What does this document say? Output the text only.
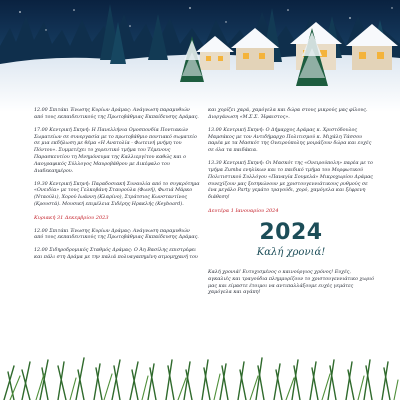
12.00 Σπιτάκι Ένωσης Κυρίων Δράμας: Ανάγνωση παραμυθιών από τους εκπαιδευτικούς της Πρωτοβάθμιας Εκπαίδευσης Δράμας.

17.00 Κεντρική Σκηνή: Η Πανελλήνια Ομοσπονδία Ποντιακών Σωματείων σε συνεργασία με το πρωτοβάθμιο ποντιακό σωματείο σε μια εκδήλωση με θέμα «Η Ανατολία - Φωτεινή μνήμη του Πόντου». Συμμετέχει το χορευτικό τμήμα του Τέμενους Παρασκευτίου τη Μνημόνευμα της Καλλιεργίτου καθώς και ο Λαογραφικός Σύλλογος Μαυροβάθρου με Δικέφαλο του Διαδεκαημέρου.

19.30 Κεντρική Σκηνή: Παραδοσιακή Συναυλία από το συγκρότημα «Ονειδία» με τους Γελκοβάνη Σταυρούλα (Φωνή), Φωτιά Μάρκο (Νταούλι), Χορού Ιωάννη (Κλαρίνο), Στράτσιος Κωνσταντίνος (Κρουστά). Μουσική επιμέλεια Σιδέρης Ηρακλής (Keyboard).

Κυριακή 31 Δεκεμβρίου 2023

12.00 Σπιτάκι Ένωσης Κυρίων Δράμας: Ανάγνωση παραμυθιών από τους εκπαιδευτικούς της Πρωτοβάθμιας Εκπαίδευσης Δράμας.

12.00 Σιδηροδρομικός Σταθμός Δράμας: Ο Άη Βασίλης επιστρέφει και πάλι στη Δράμα με την παλιά πολυαγαπημένη ατμομηχανή του

και χορίζει χαρά, χαμόγελα και δώρα στους μικρούς μας φίλους. Διοργάνωση «Μ.Σ.Σ. Ήφαιστος».

13.00 Κεντρική Σκηνή: Ο Δήμαρχος Δράμας κ. Χριστόδουλος Μαμσάκος με τον Αντιδήμαρχο Πολιτισμού κ. Μιχάλη Τάσσου παρέα με τα Μασκότ της Ονειρούπολης μοιράζουν δώρα και ευχές σε όλα τα παιδάκια.

13.30 Κεντρική Σκηνή: Οι Μασκότ της «Ονειρούπολη» παρέα με το τμήμα Ζumba ενηλίκων και το παιδικό τμήμα του Μορφωτικού Πολιτιστικού Συλλόγου «Παναγία Σουμελά» Μικροχωρίου Δράμας συνεχίζουν μας ξεσηκώνουν με χριστουγεννιάτικους ρυθμούς σε ένα μεγάλο Party γεμάτο τραγούδι, χορό, χαμόγελα και ξέφρενη διάθεση!

Δευτέρα 1 Ιανουαρίου 2024

2024
Καλή χρονιά!

Καλή χρονιά! Ευτυχισμένος ο καινούργιος χρόνος! Ευχές, αγκαλιές και τραγούδια πλημμυρίζουν το χριστουγεννιάτικο χωριό μας και είμαστε έτοιμοι να αντιπαλλάξουμε ευχές γεμάτες χαμόγελα και αγάπη!
